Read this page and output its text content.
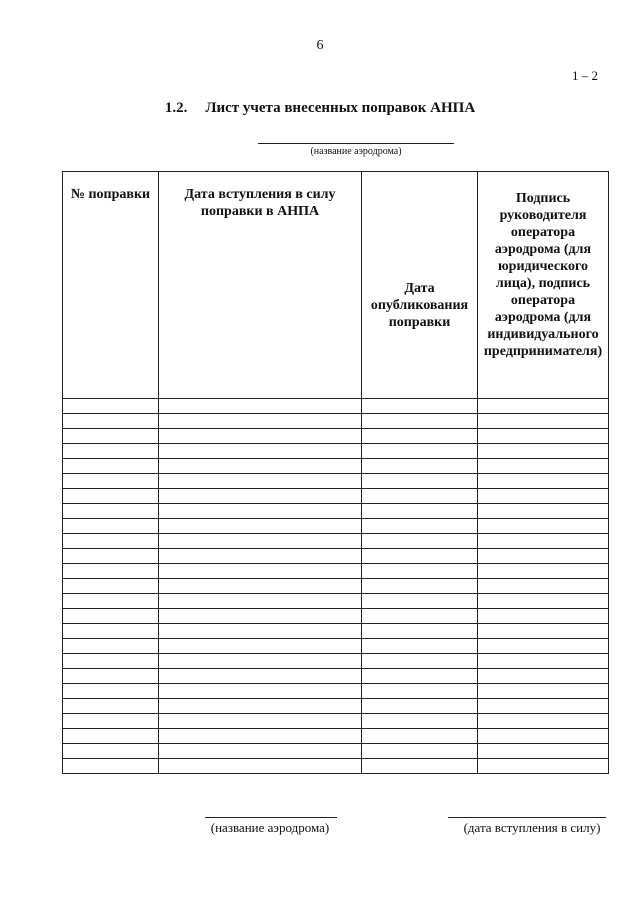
6
1 – 2
1.2. Лист учета внесенных поправок АНПА
(название аэродрома)
№ поправки	Дата вступления в силу поправки в АНПА	Дата опубликования поправки	Подпись руководителя оператора аэродрома (для юридического лица), подпись оператора аэродрома (для индивидуального предпринимателя)

(название аэродрома)	(дата вступления в силу)
